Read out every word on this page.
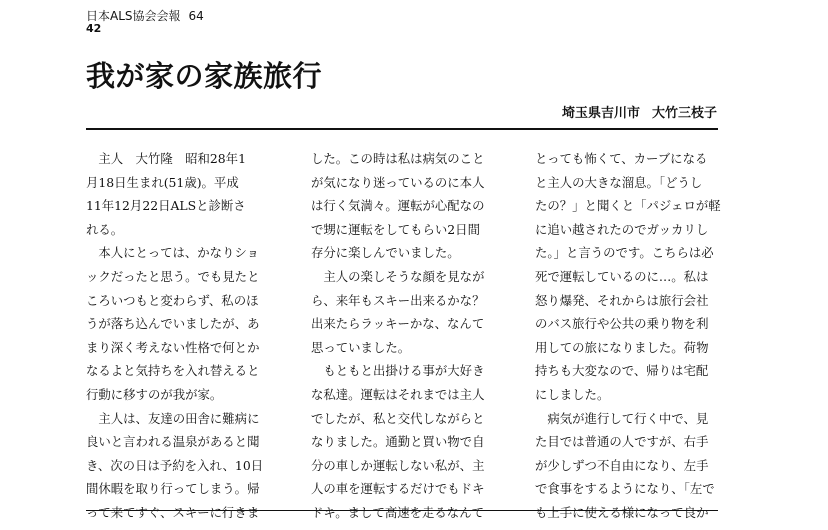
日本ALS協会会報 64
42
我が家の家族旅行
埼玉県吉川市 大竹三枝子

　主人　大竹隆　昭和28年1

月18日生まれ(51歳)。平成

11年12月22日ALSと診断さ

れる。

　本人にとっては、かなりショ

ックだったと思う。でも見たと

ころいつもと変わらず、私のほ

うが落ち込んでいましたが、あ

まり深く考えない性格で何とか

なるよと気持ちを入れ替えると

行動に移すのが我が家。

　主人は、友達の田舎に難病に

良いと言われる温泉があると聞

き、次の日は予約を入れ、10日

間休暇を取り行ってしまう。帰

って来てすぐ、スキーに行きま

した。この時は私は病気のこと

が気になり迷っているのに本人

は行く気満々。運転が心配なの

で甥に運転をしてもらい2日間

存分に楽しんでいました。

　主人の楽しそうな顔を見なが

ら、来年もスキー出来るかな？

出来たらラッキーかな、なんて

思っていました。

　もともと出掛ける事が大好き

な私達。運転はそれまでは主人

でしたが、私と交代しながらと

なりました。通勤と買い物で自

分の車しか運転しない私が、主

人の車を運転するだけでもドキ

ドキ。まして高速を走るなんて

とっても怖くて、カーブになる

と主人の大きな溜息。「どうし

たの？」と聞くと「パジェロが軽

に追い越されたのでガッカリし

た。」と言うのです。こちらは必

死で運転しているのに…。私は

怒り爆発、それからは旅行会社

のバス旅行や公共の乗り物を利

用しての旅になりました。荷物

持ちも大変なので、帰りは宅配

にしました。

　病気が進行して行く中で、見

た目では普通の人ですが、右手

が少しずつ不自由になり、左手

で食事をするようになり、「左で

も上手に使える様になって良か
